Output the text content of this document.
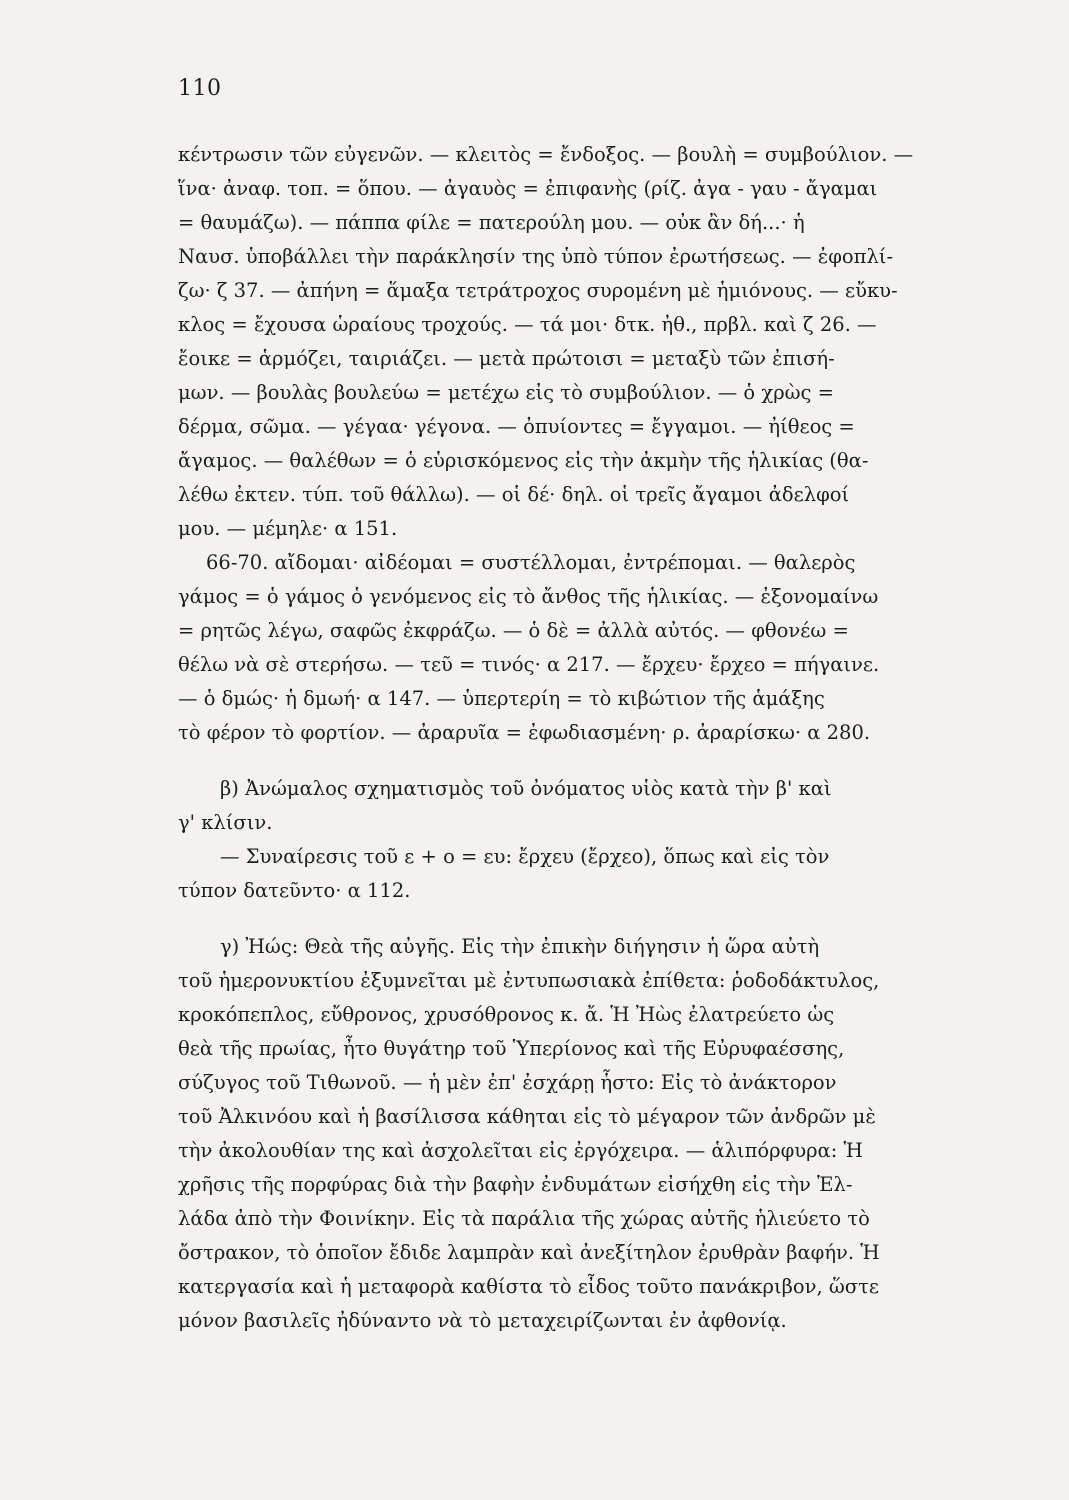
110
κέντρωσιν τῶν εὐγενῶν. — κλειτὸς = ἔνδοξος. — βουλὴ = συμβούλιον. —
ἵνα· ἀναφ. τοπ. = ὅπου. — ἀγαυὸς = ἐπιφανὴς (ρίζ. ἀγα - γαυ - ἄγαμαι
= θαυμάζω). — πάππα φίλε = πατερούλη μου. — οὐκ ἂν δή...· ἡ
Ναυσ. ὑποβάλλει τὴν παράκλησίν της ὑπὸ τύπον ἐρωτήσεως. — ἐφοπλί-
ζω· ζ 37. — ἀπήνη = ἅμαξα τετράτροχος συρομένη μὲ ἡμιόνους. — εὔκυ-
κλος = ἔχουσα ὡραίους τροχούς. — τά μοι· δτκ. ἠθ., πρβλ. καὶ ζ 26. —
ἔοικε = ἁρμόζει, ταιριάζει. — μετὰ πρώτοισι = μεταξὺ τῶν ἐπισή-
μων. — βουλὰς βουλεύω = μετέχω εἰς τὸ συμβούλιον. — ὁ χρὼς =
δέρμα, σῶμα. — γέγαα· γέγονα. — ὀπυίοντες = ἔγγαμοι. — ἠίθεος =
ἄγαμος. — θαλέθων = ὁ εὑρισκόμενος εἰς τὴν ἀκμὴν τῆς ἡλικίας (θα-
λέθω ἐκτεν. τύπ. τοῦ θάλλω). — οἱ δέ· δηλ. οἱ τρεῖς ἄγαμοι ἀδελφοί
μου. — μέμηλε· α 151.
66-70. αἴδομαι· αἰδέομαι = συστέλλομαι, ἐντρέπομαι. — θαλερὸς
γάμος = ὁ γάμος ὁ γενόμενος εἰς τὸ ἄνθος τῆς ἡλικίας. — ἐξονομαίνω
= ρητῶς λέγω, σαφῶς ἐκφράζω. — ὁ δὲ = ἀλλὰ αὐτός. — φθονέω =
θέλω νὰ σὲ στερήσω. — τεῦ = τινός· α 217. — ἔρχευ· ἔρχεο = πήγαινε.
— ὁ δμώς· ἡ δμωή· α 147. — ὑπερτερίη = τὸ κιβώτιον τῆς ἁμάξης
τὸ φέρον τὸ φορτίον. — ἀραρυῖα = ἐφωδιασμένη· ρ. ἀραρίσκω· α 280.
β) Ἀνώμαλος σχηματισμὸς τοῦ ὀνόματος υἱὸς κατὰ τὴν β' καὶ
γ' κλίσιν.
— Συναίρεσις τοῦ ε + ο = ευ: ἔρχευ (ἔρχεο), ὅπως καὶ εἰς τὸν
τύπον δατεῦντο· α 112.
γ) Ἠώς: Θεὰ τῆς αὐγῆς. Εἰς τὴν ἐπικὴν διήγησιν ἡ ὥρα αὐτὴ
τοῦ ἡμερονυκτίου ἐξυμνεῖται μὲ ἐντυπωσιακὰ ἐπίθετα: ῥοδοδάκτυλος,
κροκόπεπλος, εὔθρονος, χρυσόθρονος κ. ἄ. Ἡ Ἠὼς ἐλατρεύετο ὡς
θεὰ τῆς πρωίας, ἦτο θυγάτηρ τοῦ Ὑπερίονος καὶ τῆς Εὐρυφαέσσης,
σύζυγος τοῦ Τιθωνοῦ. — ἡ μὲν ἐπ' ἐσχάρῃ ἧστο: Εἰς τὸ ἀνάκτορον
τοῦ Ἀλκινόου καὶ ἡ βασίλισσα κάθηται εἰς τὸ μέγαρον τῶν ἀνδρῶν μὲ
τὴν ἀκολουθίαν της καὶ ἀσχολεῖται εἰς ἐργόχειρα. — ἁλιπόρφυρα: Ἡ
χρῆσις τῆς πορφύρας διὰ τὴν βαφὴν ἐνδυμάτων εἰσήχθη εἰς τὴν Ἑλ-
λάδα ἀπὸ τὴν Φοινίκην. Εἰς τὰ παράλια τῆς χώρας αὐτῆς ἡλιεύετο τὸ
ὄστρακον, τὸ ὁποῖον ἔδιδε λαμπρὰν καὶ ἀνεξίτηλον ἐρυθρὰν βαφήν. Ἡ
κατεργασία καὶ ἡ μεταφορὰ καθίστα τὸ εἶδος τοῦτο πανάκριβον, ὥστε
μόνον βασιλεῖς ἠδύναντο νὰ τὸ μεταχειρίζωνται ἐν ἀφθονίᾳ.
